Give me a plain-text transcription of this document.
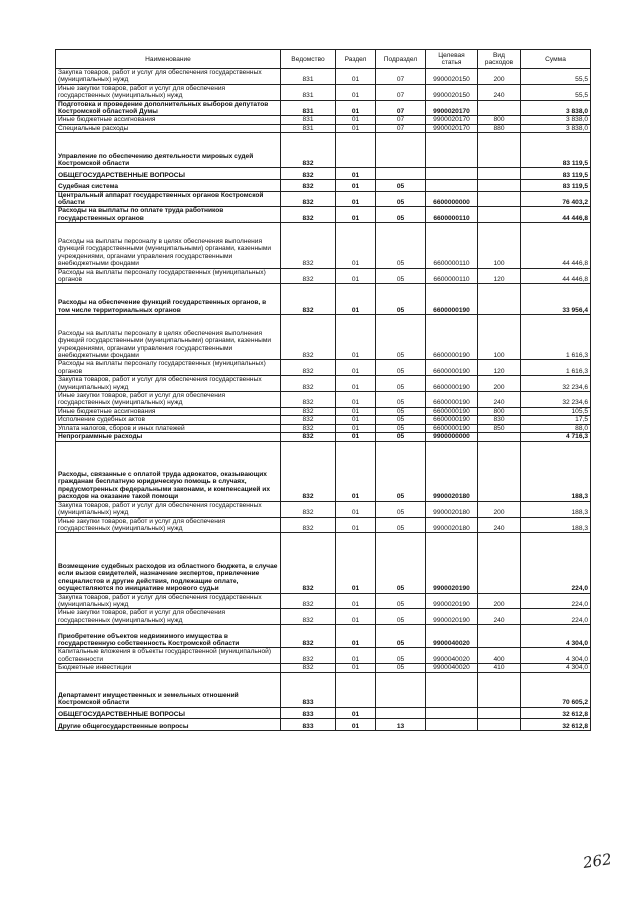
Наименование	Ведомство	Раздел	Подраздел	Целевая статья	Вид расходов	Сумма
Закупка товаров, работ и услуг для обеспечения государственных (муниципальных) нужд	831	01	07	9900020150	200	55,5
Иные закупки товаров, работ и услуг для обеспечения государственных (муниципальных) нужд	831	01	07	9900020150	240	55,5
Подготовка и проведение дополнительных выборов депутатов Костромской областной Думы	831	01	07	9900020170		3 838,0
Иные бюджетные ассигнования	831	01	07	9900020170	800	3 838,0
Специальные расходы	831	01	07	9900020170	880	3 838,0
Управление по обеспечению деятельности мировых судей Костромской области	832					83 119,5
ОБЩЕГОСУДАРСТВЕННЫЕ ВОПРОСЫ	832	01				83 119,5
Судебная система	832	01	05			83 119,5
Центральный аппарат государственных органов Костромской области	832	01	05	6600000000		76 403,2
Расходы на выплаты по оплате труда работников государственных органов	832	01	05	6600000110		44 446,8
Расходы на выплаты персоналу в целях обеспечения выполнения функций государственными (муниципальными) органами, казенными учреждениями, органами управления государственными внебюджетными фондами	832	01	05	6600000110	100	44 446,8
Расходы на выплаты персоналу государственных (муниципальных) органов	832	01	05	6600000110	120	44 446,8
Расходы на обеспечение функций государственных органов, в том числе территориальных органов	832	01	05	6600000190		33 956,4
Расходы на выплаты персоналу в целях обеспечения выполнения функций государственными (муниципальными) органами, казенными учреждениями, органами управления государственными внебюджетными фондами	832	01	05	6600000190	100	1 616,3
Расходы на выплаты персоналу государственных (муниципальных) органов	832	01	05	6600000190	120	1 616,3
Закупка товаров, работ и услуг для обеспечения государственных (муниципальных) нужд	832	01	05	6600000190	200	32 234,6
Иные закупки товаров, работ и услуг для обеспечения государственных (муниципальных) нужд	832	01	05	6600000190	240	32 234,6
Иные бюджетные ассигнования	832	01	05	6600000190	800	105,5
Исполнение судебных актов	832	01	05	6600000190	830	17,5
Уплата налогов, сборов и иных платежей	832	01	05	6600000190	850	88,0
Непрограммные расходы	832	01	05	9900000000		4 716,3
Расходы, связанные с оплатой труда адвокатов, оказывающих гражданам бесплатную юридическую помощь в случаях, предусмотренных федеральными законами, и компенсацией их расходов на оказание такой помощи	832	01	05	9900020180		188,3
Закупка товаров, работ и услуг для обеспечения государственных (муниципальных) нужд	832	01	05	9900020180	200	188,3
Иные закупки товаров, работ и услуг для обеспечения государственных (муниципальных) нужд	832	01	05	9900020180	240	188,3
Возмещение судебных расходов из областного бюджета, в случае если вызов свидетелей, назначение экспертов, привлечение специалистов и другие действия, подлежащие оплате, осуществляются по инициативе мирового судьи	832	01	05	9900020190		224,0
Закупка товаров, работ и услуг для обеспечения государственных (муниципальных) нужд	832	01	05	9900020190	200	224,0
Иные закупки товаров, работ и услуг для обеспечения государственных (муниципальных) нужд	832	01	05	9900020190	240	224,0
Приобретение объектов недвижимого имущества в государственную собственность Костромской области	832	01	05	9900040020		4 304,0
Капитальные вложения в объекты государственной (муниципальной) собственности	832	01	05	9900040020	400	4 304,0
Бюджетные инвестиции	832	01	05	9900040020	410	4 304,0
Департамент имущественных и земельных отношений Костромской области	833					70 605,2
ОБЩЕГОСУДАРСТВЕННЫЕ ВОПРОСЫ	833	01				32 612,8
Другие общегосударственные вопросы	833	01	13			32 612,8
262
